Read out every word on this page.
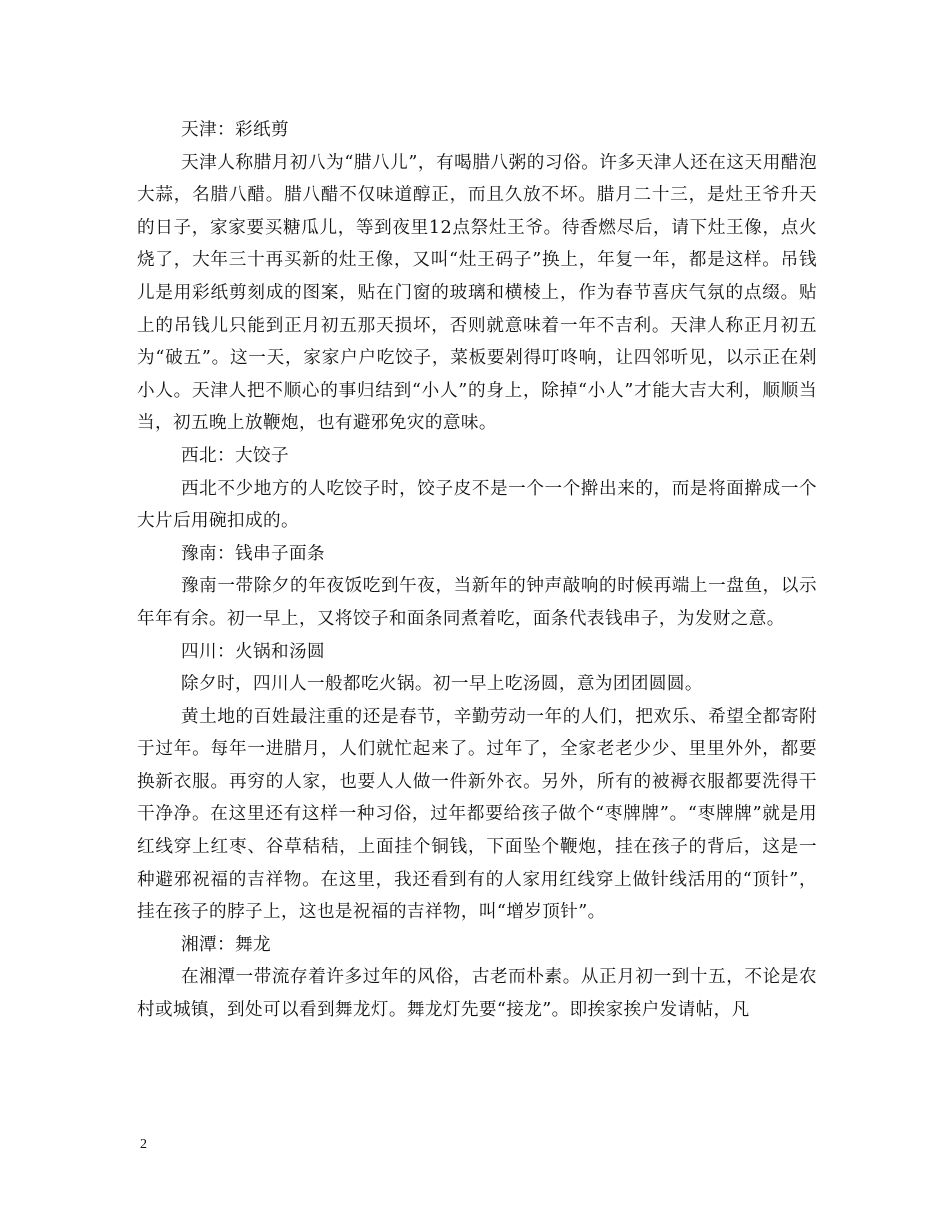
天津：彩纸剪

天津人称腊月初八为“腊八儿”，有喝腊八粥的习俗。许多天津人还在这天用醋泡大蒜，名腊八醋。腊八醋不仅味道醇正，而且久放不坏。腊月二十三，是灶王爷升天的日子，家家要买糖瓜儿，等到夜里12点祭灶王爷。待香燃尽后，请下灶王像，点火烧了，大年三十再买新的灶王像，又叫“灶王码子”换上，年复一年，都是这样。吊钱儿是用彩纸剪刻成的图案，贴在门窗的玻璃和横棱上，作为春节喜庆气氛的点缀。贴上的吊钱儿只能到正月初五那天损坏，否则就意味着一年不吉利。天津人称正月初五为“破五”。这一天，家家户户吃饺子，菜板要剁得叮咚响，让四邻听见，以示正在剁小人。天津人把不顺心的事归结到“小人”的身上，除掉“小人”才能大吉大利，顺顺当当，初五晚上放鞭炮，也有避邪免灾的意味。

西北：大饺子

西北不少地方的人吃饺子时，饺子皮不是一个一个擀出来的，而是将面擀成一个大片后用碗扣成的。

豫南：钱串子面条

豫南一带除夕的年夜饭吃到午夜，当新年的钟声敲响的时候再端上一盘鱼，以示年年有余。初一早上，又将饺子和面条同煮着吃，面条代表钱串子，为发财之意。

四川：火锅和汤圆

除夕时，四川人一般都吃火锅。初一早上吃汤圆，意为团团圆圆。

黄土地的百姓最注重的还是春节，辛勤劳动一年的人们，把欢乐、希望全都寄附于过年。每年一进腊月，人们就忙起来了。过年了，全家老老少少、里里外外，都要换新衣服。再穷的人家，也要人人做一件新外衣。另外，所有的被褥衣服都要洗得干干净净。在这里还有这样一种习俗，过年都要给孩子做个“枣牌牌”。“枣牌牌”就是用红线穿上红枣、谷草秸秸，上面挂个铜钱，下面坠个鞭炮，挂在孩子的背后，这是一种避邪祝福的吉祥物。在这里，我还看到有的人家用红线穿上做针线活用的“顶针”，挂在孩子的脖子上，这也是祝福的吉祥物，叫“增岁顶针”。

湘潭：舞龙

在湘潭一带流存着许多过年的风俗，古老而朴素。从正月初一到十五，不论是农村或城镇，到处可以看到舞龙灯。舞龙灯先要“接龙”。即挨家挨户发请帖，凡

2
